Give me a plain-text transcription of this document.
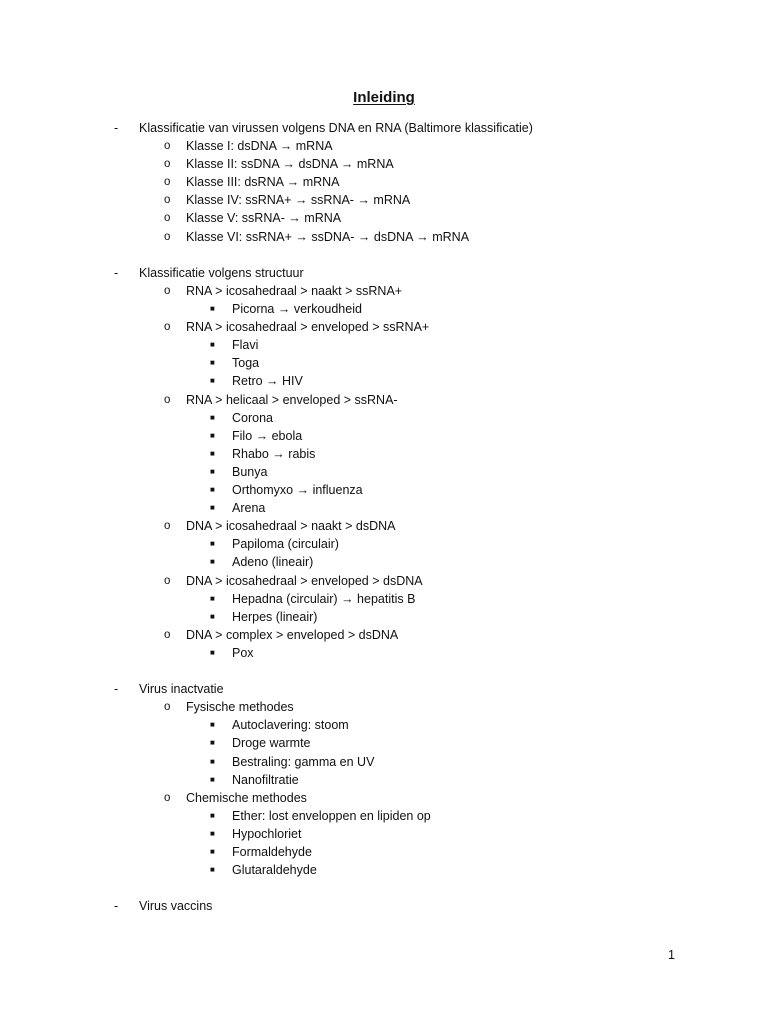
Inleiding
- Klassificatie van virussen volgens DNA en RNA (Baltimore klassificatie)
o Klasse I: dsDNA → mRNA
o Klasse II: ssDNA → dsDNA → mRNA
o Klasse III: dsRNA → mRNA
o Klasse IV: ssRNA+ → ssRNA- → mRNA
o Klasse V: ssRNA- → mRNA
o Klasse VI: ssRNA+ → ssDNA- → dsDNA → mRNA
- Klassificatie volgens structuur
o RNA > icosahedraal > naakt > ssRNA+
■ Picorna → verkoudheid
o RNA > icosahedraal > enveloped > ssRNA+
■ Flavi
■ Toga
■ Retro → HIV
o RNA > helicaal > enveloped > ssRNA-
■ Corona
■ Filo → ebola
■ Rhabo → rabis
■ Bunya
■ Orthomyxo → influenza
■ Arena
o DNA > icosahedraal > naakt > dsDNA
■ Papiloma (circulair)
■ Adeno (lineair)
o DNA > icosahedraal > enveloped > dsDNA
■ Hepadna (circulair) → hepatitis B
■ Herpes (lineair)
o DNA > complex > enveloped > dsDNA
■ Pox
- Virus inactvatie
o Fysische methodes
■ Autoclavering: stoom
■ Droge warmte
■ Bestraling: gamma en UV
■ Nanofiltratie
o Chemische methodes
■ Ether: lost enveloppen en lipiden op
■ Hypochloriet
■ Formaldehyde
■ Glutaraldehyde
- Virus vaccins
1
